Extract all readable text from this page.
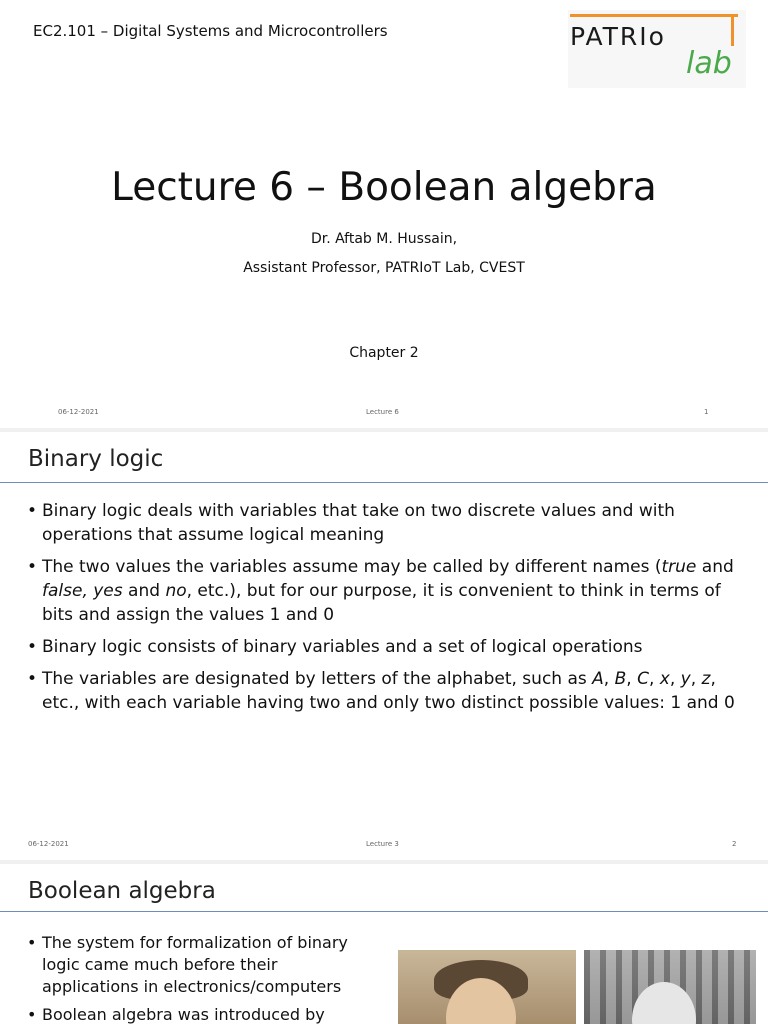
EC2.101 – Digital Systems and Microcontrollers	PATRIo
lab
Lecture 6 – Boolean algebra
Dr. Aftab M. Hussain,
Assistant Professor, PATRIoT Lab, CVEST
Chapter 2
06-12-2021	Lecture 6	1
Binary logic
• Binary logic deals with variables that take on two discrete values and with operations that assume logical meaning
• The two values the variables assume may be called by different names (true and false, yes and no, etc.), but for our purpose, it is convenient to think in terms of bits and assign the values 1 and 0
• Binary logic consists of binary variables and a set of logical operations
• The variables are designated by letters of the alphabet, such as A, B, C, x, y, z, etc., with each variable having two and only two distinct possible values: 1 and 0
06-12-2021	Lecture 3	2
Boolean algebra
• The system for formalization of binary logic came much before their applications in electronics/computers
• Boolean algebra was introduced by
